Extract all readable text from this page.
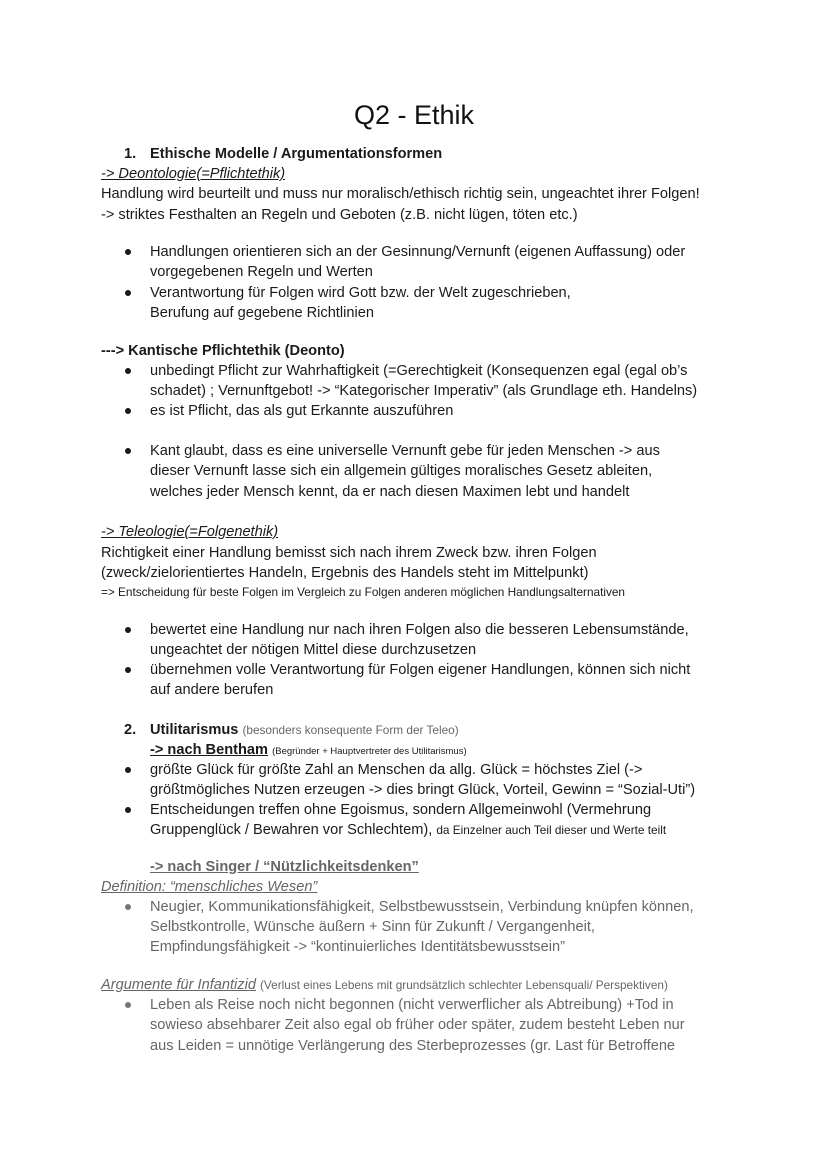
Q2 - Ethik
1. Ethische Modelle / Argumentationsformen
-> Deontologie(=Pflichtethik)
Handlung wird beurteilt und muss nur moralisch/ethisch richtig sein, ungeachtet ihrer Folgen!
-> striktes Festhalten an Regeln und Geboten (z.B. nicht lügen, töten etc.)
Handlungen orientieren sich an der Gesinnung/Vernunft (eigenen Auffassung) oder
vorgegebenen Regeln und Werten
Verantwortung für Folgen wird Gott bzw. der Welt zugeschrieben,
Berufung auf gegebene Richtlinien
---> Kantische Pflichtethik (Deonto)
unbedingt Pflicht zur Wahrhaftigkeit (=Gerechtigkeit (Konsequenzen egal (egal ob’s
schadet) ; Vernunftgebot! -> “Kategorischer Imperativ” (als Grundlage eth. Handelns)
es ist Pflicht, das als gut Erkannte auszuführen
Kant glaubt, dass es eine universelle Vernunft gebe für jeden Menschen -> aus
dieser Vernunft lasse sich ein allgemein gültiges moralisches Gesetz ableiten,
welches jeder Mensch kennt, da er nach diesen Maximen lebt und handelt
-> Teleologie(=Folgenethik)
Richtigkeit einer Handlung bemisst sich nach ihrem Zweck bzw. ihren Folgen
(zweck/zielorientiertes Handeln, Ergebnis des Handels steht im Mittelpunkt)
=> Entscheidung für beste Folgen im Vergleich zu Folgen anderen möglichen Handlungsalternativen
bewertet eine Handlung nur nach ihren Folgen also die besseren Lebensumstände,
ungeachtet der nötigen Mittel diese durchzusetzen
übernehmen volle Verantwortung für Folgen eigener Handlungen, können sich nicht
auf andere berufen
2. Utilitarismus (besonders konsequente Form der Teleo)
-> nach Bentham (Begründer + Hauptvertreter des Utilitarismus)
größte Glück für größte Zahl an Menschen da allg. Glück = höchstes Ziel (->
größtmögliches Nutzen erzeugen -> dies bringt Glück, Vorteil, Gewinn = “Sozial-Uti”)
Entscheidungen treffen ohne Egoismus, sondern Allgemeinwohl (Vermehrung
Gruppenglück / Bewahren vor Schlechtem), da Einzelner auch Teil dieser und Werte teilt
-> nach Singer / “Nützlichkeitsdenken”
Definition: “menschliches Wesen”
Neugier, Kommunikationsfähigkeit, Selbstbewusstsein, Verbindung knüpfen können,
Selbstkontrolle, Wünsche äußern + Sinn für Zukunft / Vergangenheit,
Empfindungsfähigkeit -> “kontinuierliches Identitätsbewusstsein”
Argumente für Infantizid (Verlust eines Lebens mit grundsätzlich schlechter Lebensquali/ Perspektiven)
Leben als Reise noch nicht begonnen (nicht verwerflicher als Abtreibung) +Tod in
sowieso absehbarer Zeit also egal ob früher oder später, zudem besteht Leben nur
aus Leiden = unnötige Verlängerung des Sterbeprozesses (gr. Last für Betroffene
